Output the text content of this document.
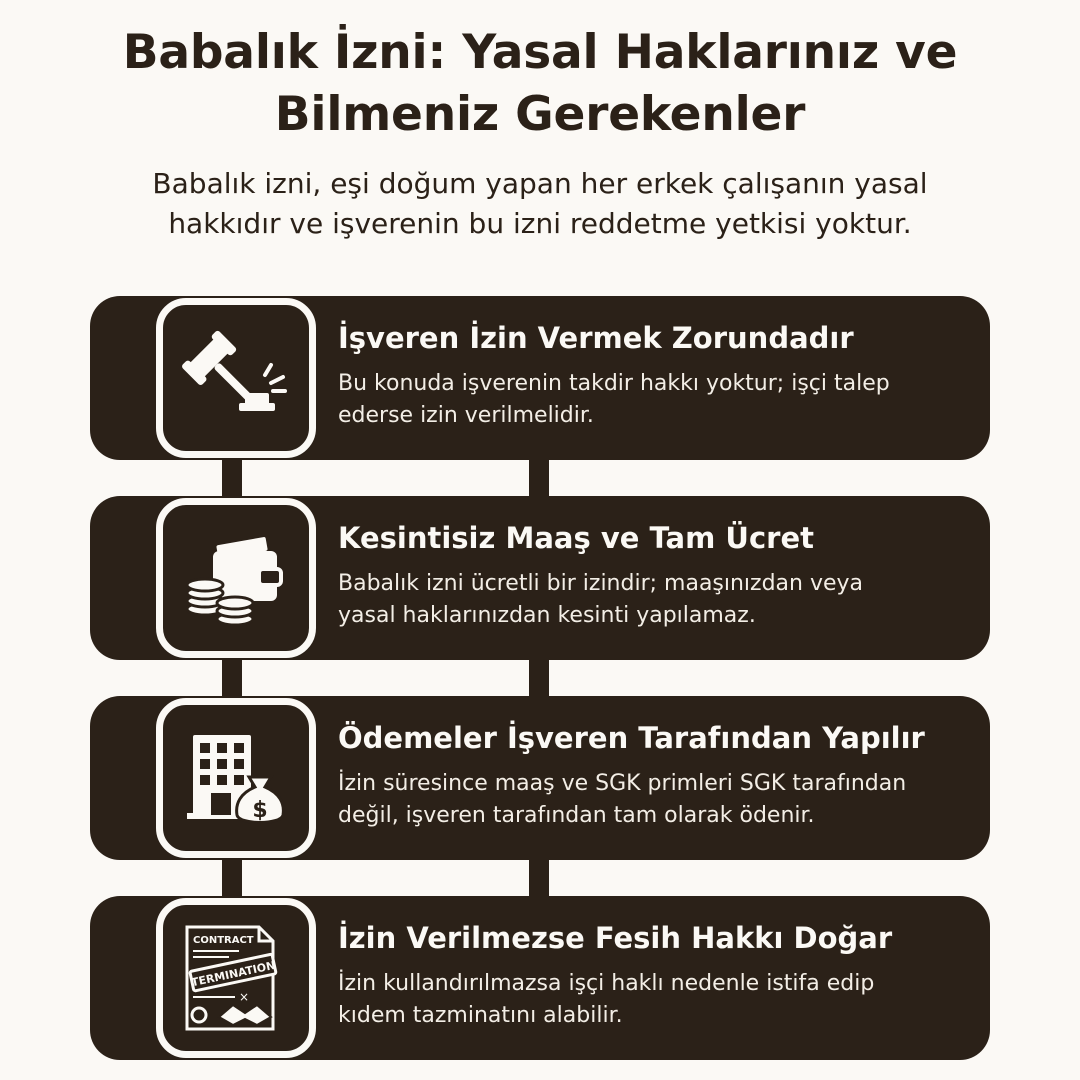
Babalık İzni: Yasal Haklarınız ve
Bilmeniz Gerekenler

Babalık izni, eşi doğum yapan her erkek çalışanın yasal
hakkıdır ve işverenin bu izni reddetme yetkisi yoktur.

İşveren İzin Vermek Zorundadır
Bu konuda işverenin takdir hakkı yoktur; işçi talep
ederse izin verilmelidir.
Kesintisiz Maaş ve Tam Ücret
Babalık izni ücretli bir izindir; maaşınızdan veya
yasal haklarınızdan kesinti yapılamaz.
$
Ödemeler İşveren Tarafından Yapılır
İzin süresince maaş ve SGK primleri SGK tarafından
değil, işveren tarafından tam olarak ödenir.
CONTRACT
TERMINATION
×
İzin Verilmezse Fesih Hakkı Doğar
İzin kullandırılmazsa işçi haklı nedenle istifa edip
kıdem tazminatını alabilir.
